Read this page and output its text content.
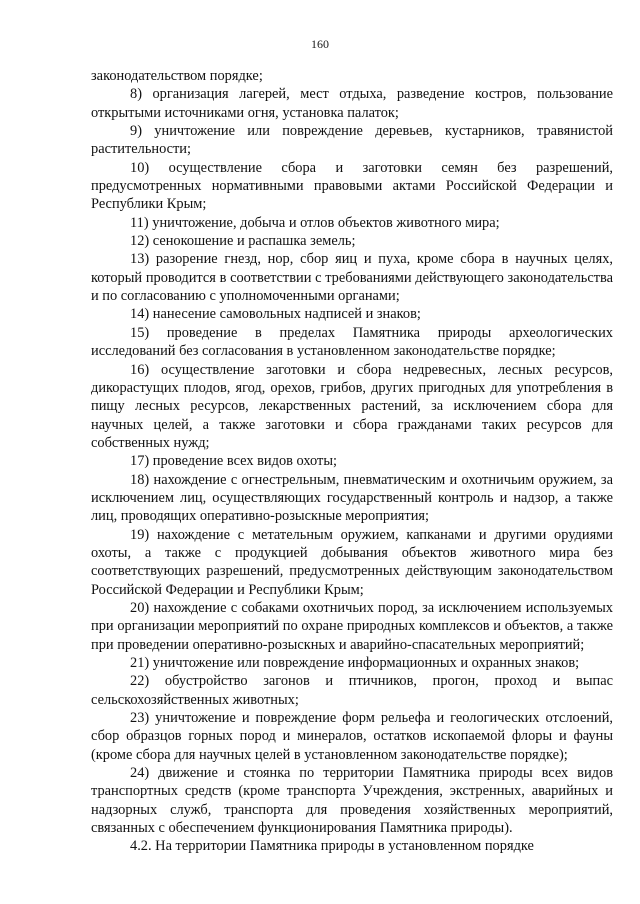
160

законодательством порядке;

8) организация лагерей, мест отдыха, разведение костров, пользование открытыми источниками огня, установка палаток;

9) уничтожение или повреждение деревьев, кустарников, травянистой растительности;

10) осуществление сбора и заготовки семян без разрешений, предусмотренных нормативными правовыми актами Российской Федерации и Республики Крым;

11) уничтожение, добыча и отлов объектов животного мира;

12) сенокошение и распашка земель;

13) разорение гнезд, нор, сбор яиц и пуха, кроме сбора в научных целях, который проводится в соответствии с требованиями действующего законодательства и по согласованию с уполномоченными органами;

14) нанесение самовольных надписей и знаков;

15) проведение в пределах Памятника природы археологических исследований без согласования в установленном законодательстве порядке;

16) осуществление заготовки и сбора недревесных, лесных ресурсов, дикорастущих плодов, ягод, орехов, грибов, других пригодных для употребления в пищу лесных ресурсов, лекарственных растений, за исключением сбора для научных целей, а также заготовки и сбора гражданами таких ресурсов для собственных нужд;

17) проведение всех видов охоты;

18) нахождение с огнестрельным, пневматическим и охотничьим оружием, за исключением лиц, осуществляющих государственный контроль и надзор, а также лиц, проводящих оперативно-розыскные мероприятия;

19) нахождение с метательным оружием, капканами и другими орудиями охоты, а также с продукцией добывания объектов животного мира без соответствующих разрешений, предусмотренных действующим законодательством Российской Федерации и Республики Крым;

20) нахождение с собаками охотничьих пород, за исключением используемых при организации мероприятий по охране природных комплексов и объектов, а также при проведении оперативно-розыскных и аварийно-спасательных мероприятий;

21) уничтожение или повреждение информационных и охранных знаков;

22) обустройство загонов и птичников, прогон, проход и выпас сельскохозяйственных животных;

23) уничтожение и повреждение форм рельефа и геологических отслоений, сбор образцов горных пород и минералов, остатков ископаемой флоры и фауны (кроме сбора для научных целей в установленном законодательстве порядке);

24) движение и стоянка по территории Памятника природы всех видов транспортных средств (кроме транспорта Учреждения, экстренных, аварийных и надзорных служб, транспорта для проведения хозяйственных мероприятий, связанных с обеспечением функционирования Памятника природы).

4.2. На территории Памятника природы в установленном порядке
